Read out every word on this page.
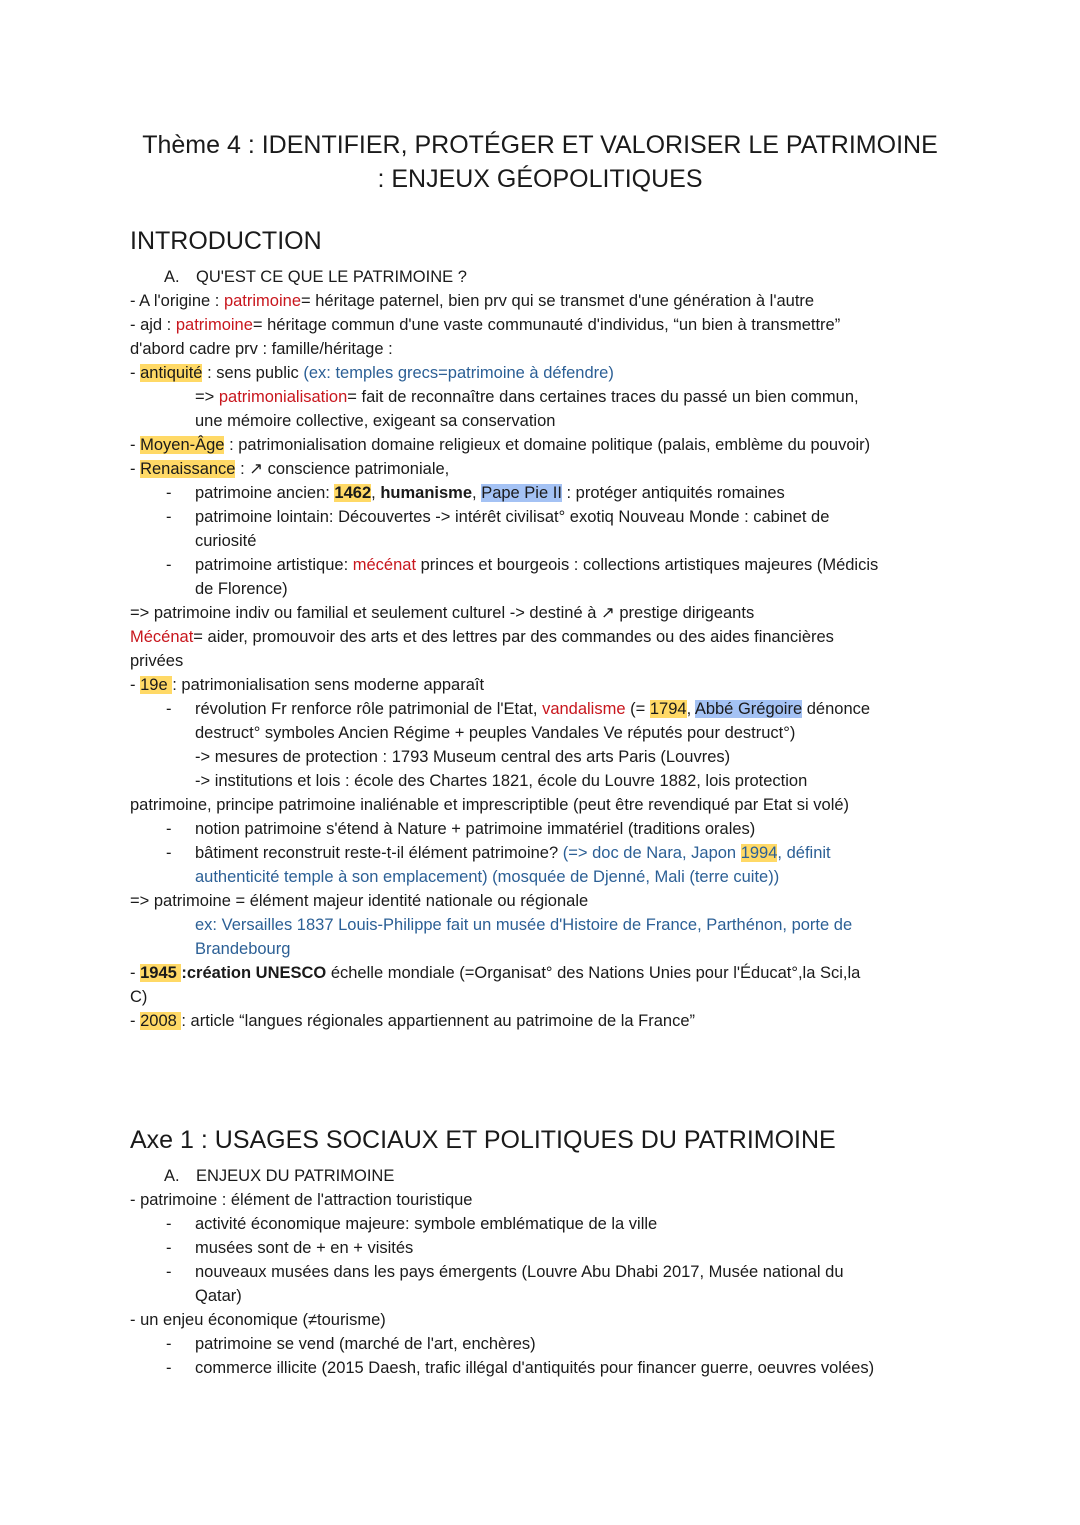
Thème 4 : IDENTIFIER, PROTÉGER ET VALORISER LE PATRIMOINE
: ENJEUX GÉOPOLITIQUES
INTRODUCTION
A. QU'EST CE QUE LE PATRIMOINE ?
- A l'origine : patrimoine= héritage paternel, bien prv qui se transmet d'une génération à l'autre
- ajd : patrimoine= héritage commun d'une vaste communauté d'individus, “un bien à transmettre”
d'abord cadre prv : famille/héritage :
- antiquité : sens public (ex: temples grecs=patrimoine à défendre)
=> patrimonialisation= fait de reconnaître dans certaines traces du passé un bien commun,
une mémoire collective, exigeant sa conservation
- Moyen-Âge : patrimonialisation domaine religieux et domaine politique (palais, emblème du pouvoir)
- Renaissance : ↗ conscience patrimoniale,
- patrimoine ancien: 1462, humanisme, Pape Pie II : protéger antiquités romaines
- patrimoine lointain: Découvertes -> intérêt civilisat° exotiq Nouveau Monde : cabinet de
curiosité
- patrimoine artistique: mécénat princes et bourgeois : collections artistiques majeures (Médicis
de Florence)
=> patrimoine indiv ou familial et seulement culturel -> destiné à ↗ prestige dirigeants
Mécénat= aider, promouvoir des arts et des lettres par des commandes ou des aides financières
privées
- 19e : patrimonialisation sens moderne apparaît
- révolution Fr renforce rôle patrimonial de l'Etat, vandalisme (= 1794, Abbé Grégoire dénonce
destruct° symboles Ancien Régime + peuples Vandales Ve réputés pour destruct°)
-> mesures de protection : 1793 Museum central des arts Paris (Louvres)
-> institutions et lois : école des Chartes 1821, école du Louvre 1882, lois protection
patrimoine, principe patrimoine inaliénable et imprescriptible (peut être revendiqué par Etat si volé)
- notion patrimoine s'étend à Nature + patrimoine immatériel (traditions orales)
- bâtiment reconstruit reste-t-il élément patrimoine? (=> doc de Nara, Japon 1994, définit
authenticité temple à son emplacement) (mosquée de Djenné, Mali (terre cuite))
=> patrimoine = élément majeur identité nationale ou régionale
ex: Versailles 1837 Louis-Philippe fait un musée d'Histoire de France, Parthénon, porte de
Brandebourg
- 1945 :création UNESCO échelle mondiale (=Organisat° des Nations Unies pour l'Éducat°,la Sci,la
C)
- 2008 : article “langues régionales appartiennent au patrimoine de la France”
Axe 1 : USAGES SOCIAUX ET POLITIQUES DU PATRIMOINE
A. ENJEUX DU PATRIMOINE
- patrimoine : élément de l'attraction touristique
- activité économique majeure: symbole emblématique de la ville
- musées sont de + en + visités
- nouveaux musées dans les pays émergents (Louvre Abu Dhabi 2017, Musée national du
Qatar)
- un enjeu économique (≠tourisme)
- patrimoine se vend (marché de l'art, enchères)
- commerce illicite (2015 Daesh, trafic illégal d'antiquités pour financer guerre, oeuvres volées)
